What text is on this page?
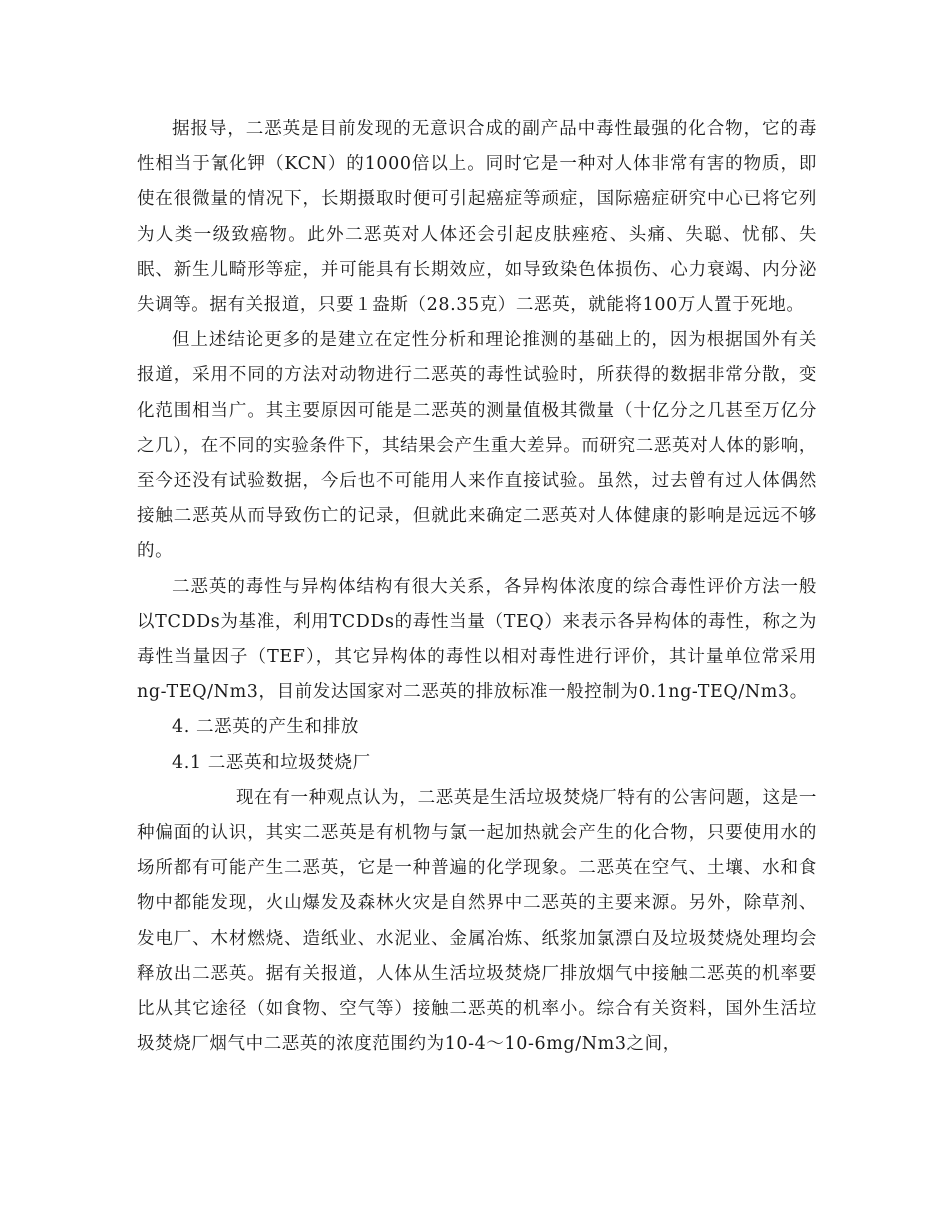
据报导，二恶英是目前发现的无意识合成的副产品中毒性最强的化合物，它的毒性相当于氰化钾（KCN）的1000倍以上。同时它是一种对人体非常有害的物质，即使在很微量的情况下，长期摄取时便可引起癌症等顽症，国际癌症研究中心已将它列为人类一级致癌物。此外二恶英对人体还会引起皮肤痤疮、头痛、失聪、忧郁、失眠、新生儿畸形等症，并可能具有长期效应，如导致染色体损伤、心力衰竭、内分泌失调等。据有关报道，只要１盎斯（28.35克）二恶英，就能将100万人置于死地。

但上述结论更多的是建立在定性分析和理论推测的基础上的，因为根据国外有关报道，采用不同的方法对动物进行二恶英的毒性试验时，所获得的数据非常分散，变化范围相当广。其主要原因可能是二恶英的测量值极其微量（十亿分之几甚至万亿分之几），在不同的实验条件下，其结果会产生重大差异。而研究二恶英对人体的影响，至今还没有试验数据，今后也不可能用人来作直接试验。虽然，过去曾有过人体偶然接触二恶英从而导致伤亡的记录，但就此来确定二恶英对人体健康的影响是远远不够的。

二恶英的毒性与异构体结构有很大关系，各异构体浓度的综合毒性评价方法一般以TCDDs为基准，利用TCDDs的毒性当量（TEQ）来表示各异构体的毒性，称之为毒性当量因子（TEF），其它异构体的毒性以相对毒性进行评价，其计量单位常采用ng-TEQ/Nm3，目前发达国家对二恶英的排放标准一般控制为0.1ng-TEQ/Nm3。

4. 二恶英的产生和排放

4.1 二恶英和垃圾焚烧厂

现在有一种观点认为，二恶英是生活垃圾焚烧厂特有的公害问题，这是一种偏面的认识，其实二恶英是有机物与氯一起加热就会产生的化合物，只要使用水的场所都有可能产生二恶英，它是一种普遍的化学现象。二恶英在空气、土壤、水和食物中都能发现，火山爆发及森林火灾是自然界中二恶英的主要来源。另外，除草剂、发电厂、木材燃烧、造纸业、水泥业、金属冶炼、纸浆加氯漂白及垃圾焚烧处理均会释放出二恶英。据有关报道，人体从生活垃圾焚烧厂排放烟气中接触二恶英的机率要比从其它途径（如食物、空气等）接触二恶英的机率小。综合有关资料，国外生活垃圾焚烧厂烟气中二恶英的浓度范围约为10-4～10-6mg/Nm3之间，
